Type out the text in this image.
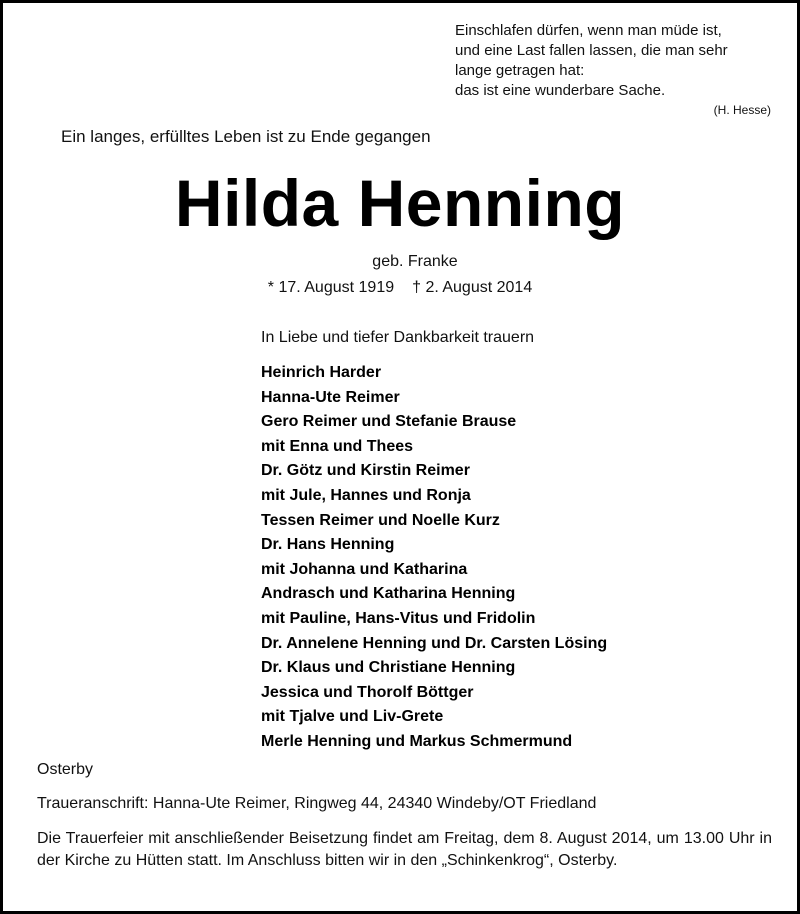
Einschlafen dürfen, wenn man müde ist,
und eine Last fallen lassen, die man sehr
lange getragen hat:
das ist eine wunderbare Sache.
(H. Hesse)
Ein langes, erfülltes Leben ist zu Ende gegangen
Hilda Henning
geb. Franke
* 17. August 1919 † 2. August 2014
In Liebe und tiefer Dankbarkeit trauern
Heinrich Harder
Hanna-Ute Reimer
Gero Reimer und Stefanie Brause
mit Enna und Thees
Dr. Götz und Kirstin Reimer
mit Jule, Hannes und Ronja
Tessen Reimer und Noelle Kurz
Dr. Hans Henning
mit Johanna und Katharina
Andrasch und Katharina Henning
mit Pauline, Hans-Vitus und Fridolin
Dr. Annelene Henning und Dr. Carsten Lösing
Dr. Klaus und Christiane Henning
Jessica und Thorolf Böttger
mit Tjalve und Liv-Grete
Merle Henning und Markus Schmermund
Osterby
Traueranschrift: Hanna-Ute Reimer, Ringweg 44, 24340 Windeby/OT Friedland
Die Trauerfeier mit anschließender Beisetzung findet am Freitag, dem 8. August 2014, um 13.00 Uhr in der Kirche zu Hütten statt. Im Anschluss bitten wir in den „Schinkenkrog“, Osterby.
